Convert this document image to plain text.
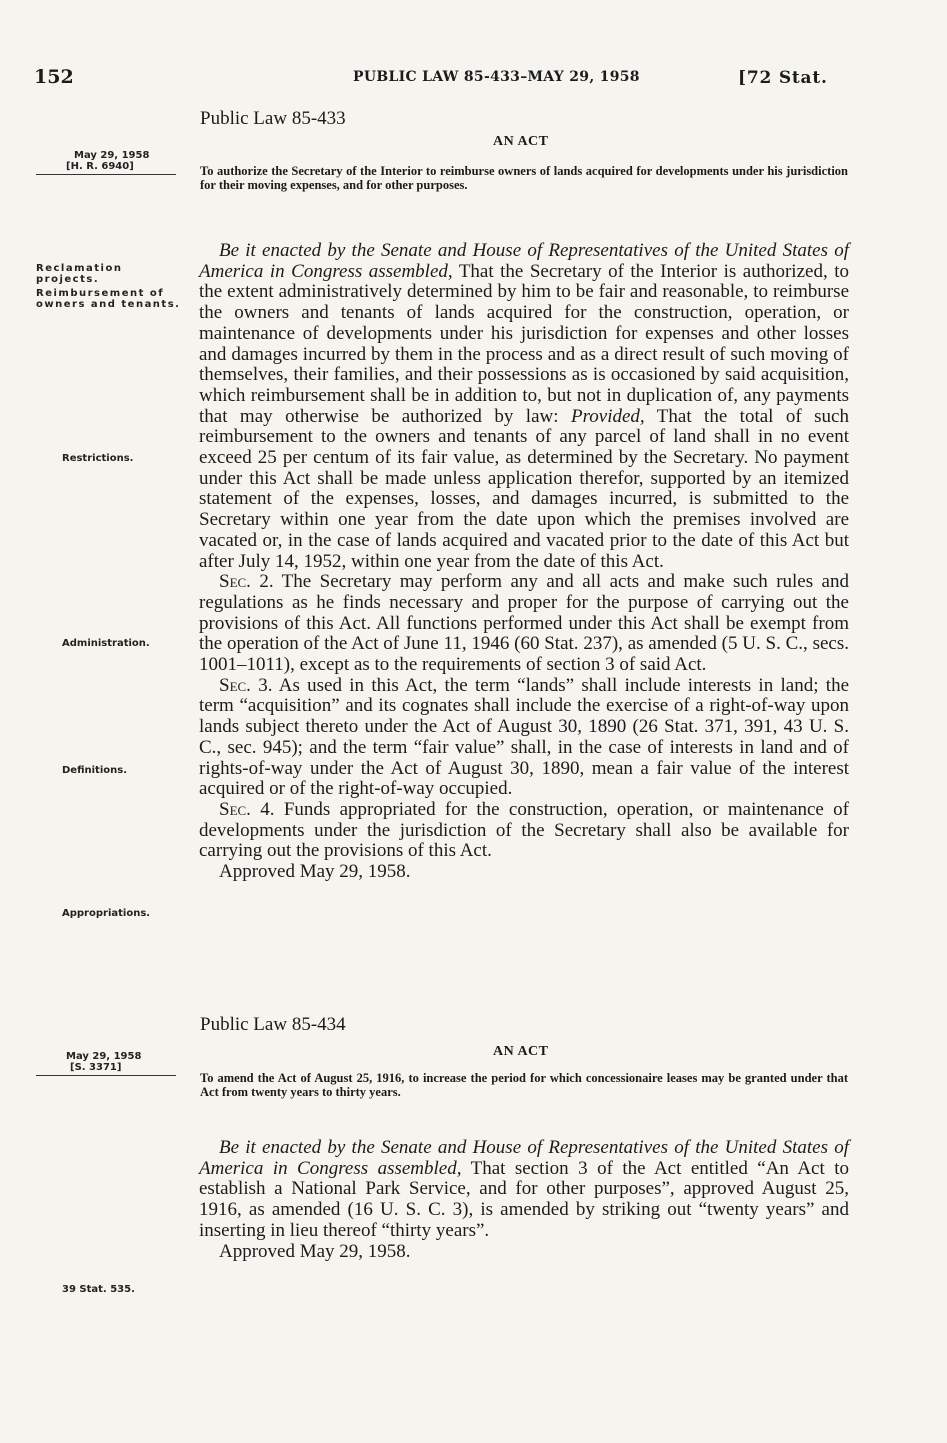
152	PUBLIC LAW 85-433–MAY 29, 1958	[72 Stat.
Public Law 85-433
May 29, 1958
[H. R. 6940]
AN ACT
To authorize the Secretary of the Interior to reimburse owners of lands acquired for developments under his jurisdiction for their moving expenses, and for other purposes.
Reclamation projects.
Reimbursement of owners and tenants.
Restrictions.
Administration.
Definitions.
Appropriations.

Be it enacted by the Senate and House of Representatives of the United States of America in Congress assembled, That the Secretary of the Interior is authorized, to the extent administratively determined by him to be fair and reasonable, to reimburse the owners and tenants of lands acquired for the construction, operation, or maintenance of developments under his jurisdiction for expenses and other losses and damages incurred by them in the process and as a direct result of such moving of themselves, their families, and their possessions as is occasioned by said acquisition, which reimbursement shall be in addition to, but not in duplication of, any payments that may otherwise be authorized by law: Provided, That the total of such reimbursement to the owners and tenants of any parcel of land shall in no event exceed 25 per centum of its fair value, as determined by the Secretary. No payment under this Act shall be made unless application therefor, supported by an itemized statement of the expenses, losses, and damages incurred, is submitted to the Secretary within one year from the date upon which the premises involved are vacated or, in the case of lands acquired and vacated prior to the date of this Act but after July 14, 1952, within one year from the date of this Act.

Sec. 2. The Secretary may perform any and all acts and make such rules and regulations as he finds necessary and proper for the purpose of carrying out the provisions of this Act. All functions performed under this Act shall be exempt from the operation of the Act of June 11, 1946 (60 Stat. 237), as amended (5 U. S. C., secs. 1001–1011), except as to the requirements of section 3 of said Act.

Sec. 3. As used in this Act, the term “lands” shall include interests in land; the term “acquisition” and its cognates shall include the exercise of a right-of-way upon lands subject thereto under the Act of August 30, 1890 (26 Stat. 371, 391, 43 U. S. C., sec. 945); and the term “fair value” shall, in the case of interests in land and of rights-of-way under the Act of August 30, 1890, mean a fair value of the interest acquired or of the right-of-way occupied.

Sec. 4. Funds appropriated for the construction, operation, or maintenance of developments under the jurisdiction of the Secretary shall also be available for carrying out the provisions of this Act.

Approved May 29, 1958.

Public Law 85-434
May 29, 1958
[S. 3371]
AN ACT
To amend the Act of August 25, 1916, to increase the period for which concessionaire leases may be granted under that Act from twenty years to thirty years.
39 Stat. 535.

Be it enacted by the Senate and House of Representatives of the United States of America in Congress assembled, That section 3 of the Act entitled “An Act to establish a National Park Service, and for other purposes”, approved August 25, 1916, as amended (16 U. S. C. 3), is amended by striking out “twenty years” and inserting in lieu thereof “thirty years”.

Approved May 29, 1958.
